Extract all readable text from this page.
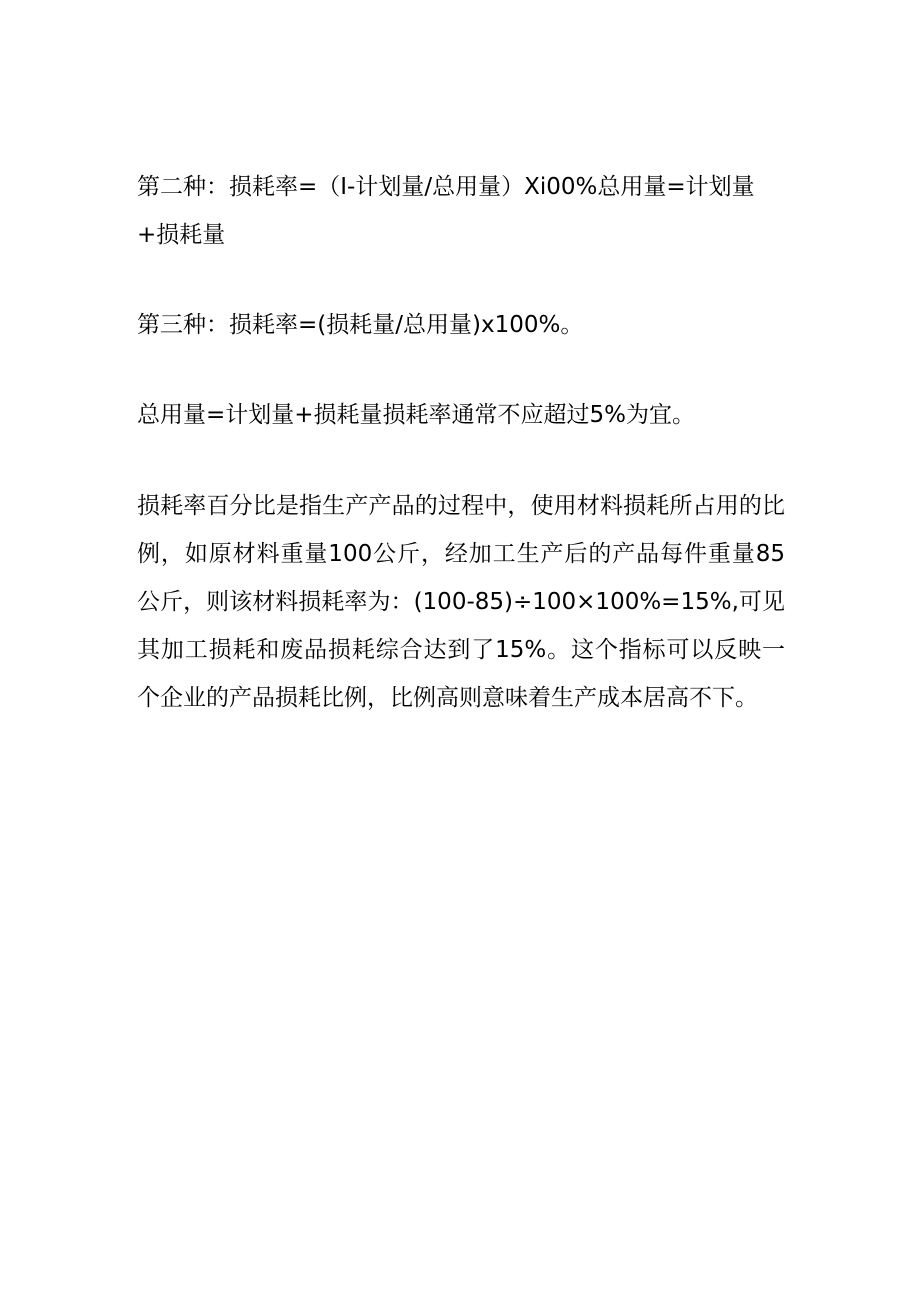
第二种：损耗率=（I-计划量/总用量）Xi00%总用量=计划量+损耗量

第三种：损耗率=(损耗量/总用量)x100%。

总用量=计划量+损耗量损耗率通常不应超过5%为宜。

损耗率百分比是指生产产品的过程中，使用材料损耗所占用的比例，如原材料重量100公斤，经加工生产后的产品每件重量85公斤，则该材料损耗率为：(100-85)÷100×100%=15%,可见其加工损耗和废品损耗综合达到了15%。这个指标可以反映一个企业的产品损耗比例，比例高则意味着生产成本居高不下。
